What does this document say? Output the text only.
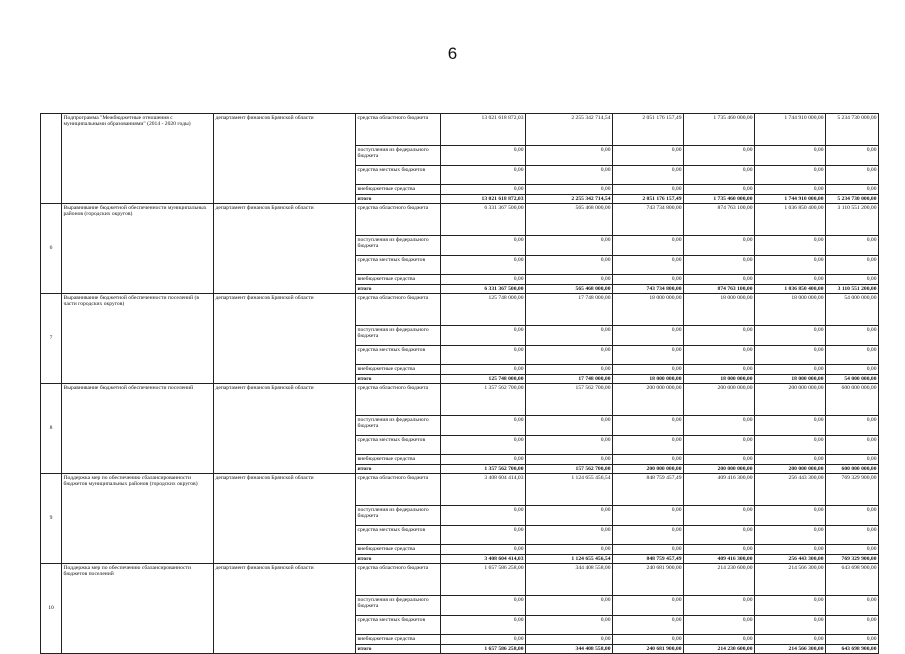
6
	Подпрограмма "Межбюджетные отношения с муниципальными образованиями" (2014 - 2020 годы)	департамент финансов Брянской области	средства областного бюджета	13 021 618 872,03	2 255 342 714,54	2 051 176 157,49	1 735 460 000,00	1 744 910 000,00	5 234 730 000,00
			поступления из федерального бюджета	0,00	0,00	0,00	0,00	0,00	0,00
			средства местных бюджетов	0,00	0,00	0,00	0,00	0,00	0,00
			внебюджетные средства	0,00	0,00	0,00	0,00	0,00	0,00
			итого	13 021 618 872,03	2 255 342 714,54	2 051 176 157,49	1 735 460 000,00	1 744 910 000,00	5 234 730 000,00
6	Выравнивание бюджетной обеспеченности муниципальных районов (городских округов)	департамент финансов Брянской области	средства областного бюджета	6 331 367 500,00	565 468 000,00	743 734 800,00	874 763 100,00	1 036 850 400,00	3 110 551 200,00
			поступления из федерального бюджета	0,00	0,00	0,00	0,00	0,00	0,00
			средства местных бюджетов	0,00	0,00	0,00	0,00	0,00	0,00
			внебюджетные средства	0,00	0,00	0,00	0,00	0,00	0,00
			итого	6 331 367 500,00	565 468 000,00	743 734 800,00	874 763 100,00	1 036 850 400,00	3 110 551 200,00
7	Выравнивание бюджетной обеспеченности поселений (в части городских округов)	департамент финансов Брянской области	средства областного бюджета	125 748 000,00	17 748 000,00	18 000 000,00	18 000 000,00	18 000 000,00	54 000 000,00
			поступления из федерального бюджета	0,00	0,00	0,00	0,00	0,00	0,00
			средства местных бюджетов	0,00	0,00	0,00	0,00	0,00	0,00
			внебюджетные средства	0,00	0,00	0,00	0,00	0,00	0,00
			итого	125 748 000,00	17 748 000,00	18 000 000,00	18 000 000,00	18 000 000,00	54 000 000,00
8	Выравнивание бюджетной обеспеченности поселений	департамент финансов Брянской области	средства областного бюджета	1 357 562 700,00	157 562 700,00	200 000 000,00	200 000 000,00	200 000 000,00	600 000 000,00
			поступления из федерального бюджета	0,00	0,00	0,00	0,00	0,00	0,00
			средства местных бюджетов	0,00	0,00	0,00	0,00	0,00	0,00
			внебюджетные средства	0,00	0,00	0,00	0,00	0,00	0,00
			итого	1 357 562 700,00	157 562 700,00	200 000 000,00	200 000 000,00	200 000 000,00	600 000 000,00
9	Поддержка мер по обеспечению сбалансированности бюджетов муниципальных районов (городских округов)	департамент финансов Брянской области	средства областного бюджета	3 408 604 414,03	1 124 655 456,54	848 759 457,49	409 416 300,00	256 443 300,00	769 329 900,00
			поступления из федерального бюджета	0,00	0,00	0,00	0,00	0,00	0,00
			средства местных бюджетов	0,00	0,00	0,00	0,00	0,00	0,00
			внебюджетные средства	0,00	0,00	0,00	0,00	0,00	0,00
			итого	3 408 604 414,03	1 124 655 456,54	848 759 457,49	409 416 300,00	256 443 300,00	769 329 900,00
10	Поддержка мер по обеспечению сбалансированности бюджетов поселений	департамент финансов Брянской области	средства областного бюджета	1 657 586 258,00	344 408 558,00	240 681 900,00	214 230 600,00	214 566 300,00	643 698 900,00
			поступления из федерального бюджета	0,00	0,00	0,00	0,00	0,00	0,00
			средства местных бюджетов	0,00	0,00	0,00	0,00	0,00	0,00
			внебюджетные средства	0,00	0,00	0,00	0,00	0,00	0,00
			итого	1 657 586 258,00	344 408 558,00	240 681 900,00	214 230 600,00	214 566 300,00	643 698 900,00
